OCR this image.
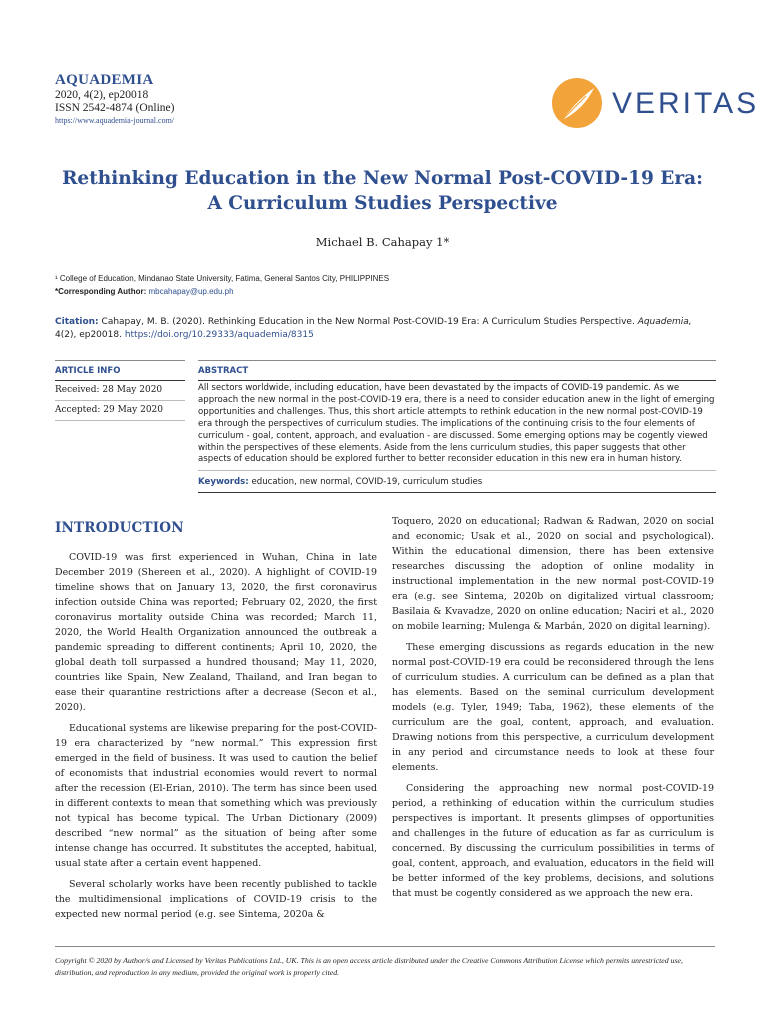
AQUADEMIA
2020, 4(2), ep20018
ISSN 2542-4874 (Online)
https://www.aquademia-journal.com/
VERITAS
Rethinking Education in the New Normal Post-COVID-19 Era: A Curriculum Studies Perspective
Michael B. Cahapay 1*
¹ College of Education, Mindanao State University, Fatima, General Santos City, PHILIPPINES
*Corresponding Author: mbcahapay@up.edu.ph
Citation: Cahapay, M. B. (2020). Rethinking Education in the New Normal Post-COVID-19 Era: A Curriculum Studies Perspective. Aquademia, 4(2), ep20018. https://doi.org/10.29333/aquademia/8315
ARTICLE INFO
Received: 28 May 2020
Accepted: 29 May 2020
ABSTRACT
All sectors worldwide, including education, have been devastated by the impacts of COVID-19 pandemic. As we approach the new normal in the post-COVID-19 era, there is a need to consider education anew in the light of emerging opportunities and challenges. Thus, this short article attempts to rethink education in the new normal post-COVID-19 era through the perspectives of curriculum studies. The implications of the continuing crisis to the four elements of curriculum - goal, content, approach, and evaluation - are discussed. Some emerging options may be cogently viewed within the perspectives of these elements. Aside from the lens curriculum studies, this paper suggests that other aspects of education should be explored further to better reconsider education in this new era in human history.
Keywords: education, new normal, COVID-19, curriculum studies
INTRODUCTION

COVID-19 was first experienced in Wuhan, China in late December 2019 (Shereen et al., 2020). A highlight of COVID-19 timeline shows that on January 13, 2020, the first coronavirus infection outside China was reported; February 02, 2020, the first coronavirus mortality outside China was recorded; March 11, 2020, the World Health Organization announced the outbreak a pandemic spreading to different continents; April 10, 2020, the global death toll surpassed a hundred thousand; May 11, 2020, countries like Spain, New Zealand, Thailand, and Iran began to ease their quarantine restrictions after a decrease (Secon et al., 2020).

Educational systems are likewise preparing for the post-COVID-19 era characterized by “new normal.” This expression first emerged in the field of business. It was used to caution the belief of economists that industrial economies would revert to normal after the recession (El-Erian, 2010). The term has since been used in different contexts to mean that something which was previously not typical has become typical. The Urban Dictionary (2009) described “new normal” as the situation of being after some intense change has occurred. It substitutes the accepted, habitual, usual state after a certain event happened.

Several scholarly works have been recently published to tackle the multidimensional implications of COVID-19 crisis to the expected new normal period (e.g. see Sintema, 2020a &

Toquero, 2020 on educational; Radwan & Radwan, 2020 on social and economic; Usak et al., 2020 on social and psychological). Within the educational dimension, there has been extensive researches discussing the adoption of online modality in instructional implementation in the new normal post-COVID-19 era (e.g. see Sintema, 2020b on digitalized virtual classroom; Basilaia & Kvavadze, 2020 on online education; Naciri et al., 2020 on mobile learning; Mulenga & Marbán, 2020 on digital learning).

These emerging discussions as regards education in the new normal post-COVID-19 era could be reconsidered through the lens of curriculum studies. A curriculum can be defined as a plan that has elements. Based on the seminal curriculum development models (e.g. Tyler, 1949; Taba, 1962), these elements of the curriculum are the goal, content, approach, and evaluation. Drawing notions from this perspective, a curriculum development in any period and circumstance needs to look at these four elements.

Considering the approaching new normal post-COVID-19 period, a rethinking of education within the curriculum studies perspectives is important. It presents glimpses of opportunities and challenges in the future of education as far as curriculum is concerned. By discussing the curriculum possibilities in terms of goal, content, approach, and evaluation, educators in the field will be better informed of the key problems, decisions, and solutions that must be cogently considered as we approach the new era.

Copyright © 2020 by Author/s and Licensed by Veritas Publications Ltd., UK. This is an open access article distributed under the Creative Commons Attribution License which permits unrestricted use, distribution, and reproduction in any medium, provided the original work is properly cited.
